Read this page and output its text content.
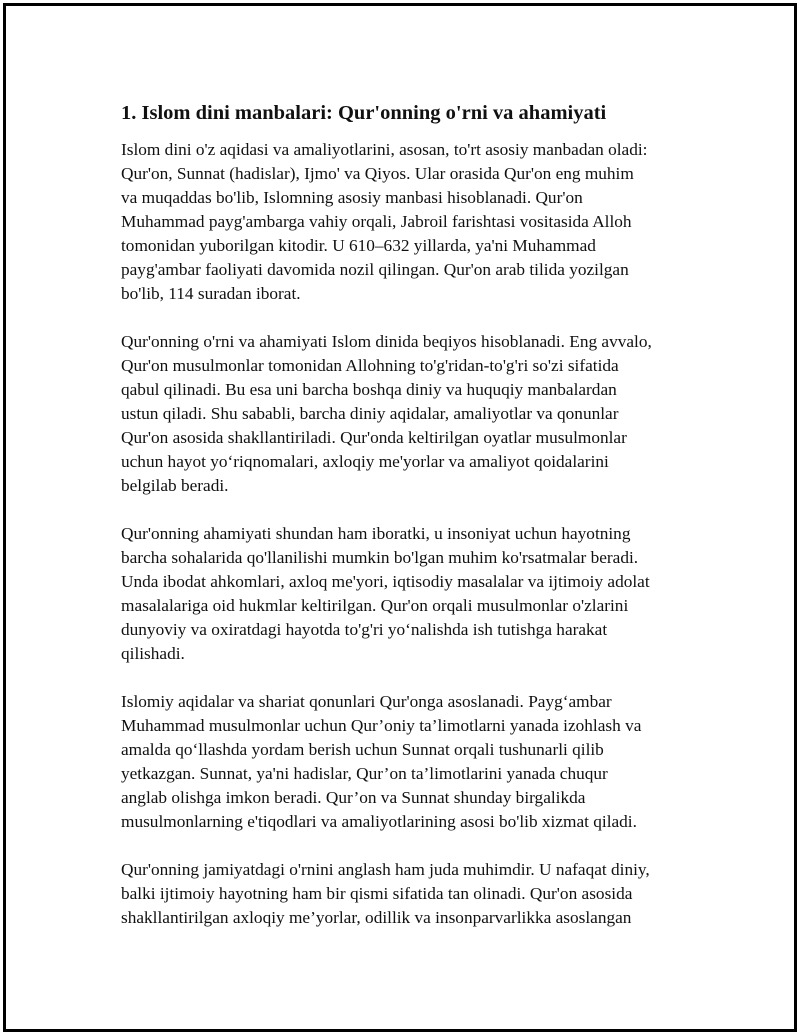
1. Islom dini manbalari: Qur'onning o'rni va ahamiyati

Islom dini o'z aqidasi va amaliyotlarini, asosan, to'rt asosiy manbadan oladi:
Qur'on, Sunnat (hadislar), Ijmo' va Qiyos. Ular orasida Qur'on eng muhim
va muqaddas bo'lib, Islomning asosiy manbasi hisoblanadi. Qur'on
Muhammad payg'ambarga vahiy orqali, Jabroil farishtasi vositasida Alloh
tomonidan yuborilgan kitodir. U 610–632 yillarda, ya'ni Muhammad
payg'ambar faoliyati davomida nozil qilingan. Qur'on arab tilida yozilgan
bo'lib, 114 suradan iborat.

Qur'onning o'rni va ahamiyati Islom dinida beqiyos hisoblanadi. Eng avvalo,
Qur'on musulmonlar tomonidan Allohning to'g'ridan-to'g'ri so'zi sifatida
qabul qilinadi. Bu esa uni barcha boshqa diniy va huquqiy manbalardan
ustun qiladi. Shu sababli, barcha diniy aqidalar, amaliyotlar va qonunlar
Qur'on asosida shakllantiriladi. Qur'onda keltirilgan oyatlar musulmonlar
uchun hayot yo‘riqnomalari, axloqiy me'yorlar va amaliyot qoidalarini
belgilab beradi.

Qur'onning ahamiyati shundan ham iboratki, u insoniyat uchun hayotning
barcha sohalarida qo'llanilishi mumkin bo'lgan muhim ko'rsatmalar beradi.
Unda ibodat ahkomlari, axloq me'yori, iqtisodiy masalalar va ijtimoiy adolat
masalalariga oid hukmlar keltirilgan. Qur'on orqali musulmonlar o'zlarini
dunyoviy va oxiratdagi hayotda to'g'ri yo‘nalishda ish tutishga harakat
qilishadi.

Islomiy aqidalar va shariat qonunlari Qur'onga asoslanadi. Payg‘ambar
Muhammad musulmonlar uchun Qur’oniy ta’limotlarni yanada izohlash va
amalda qo‘llashda yordam berish uchun Sunnat orqali tushunarli qilib
yetkazgan. Sunnat, ya'ni hadislar, Qur’on ta’limotlarini yanada chuqur
anglab olishga imkon beradi. Qur’on va Sunnat shunday birgalikda
musulmonlarning e'tiqodlari va amaliyotlarining asosi bo'lib xizmat qiladi.

Qur'onning jamiyatdagi o'rnini anglash ham juda muhimdir. U nafaqat diniy,
balki ijtimoiy hayotning ham bir qismi sifatida tan olinadi. Qur'on asosida
shakllantirilgan axloqiy me’yorlar, odillik va insonparvarlikka asoslangan
